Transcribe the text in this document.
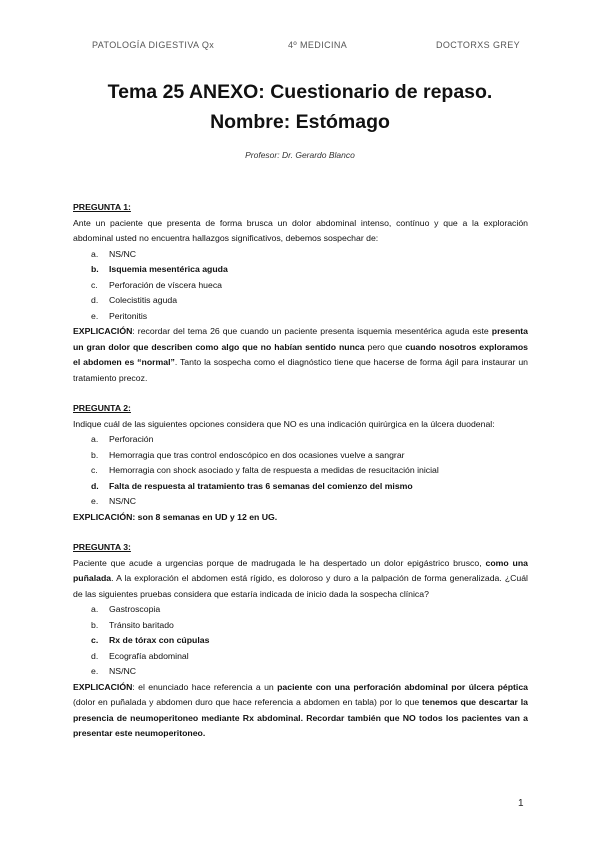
PATOLOGÍA DIGESTIVA Qx	4º MEDICINA	DOCTORXS GREY
Tema 25 ANEXO: Cuestionario de repaso.
Nombre: Estómago
Profesor: Dr. Gerardo Blanco
PREGUNTA 1:
Ante un paciente que presenta de forma brusca un dolor abdominal intenso, contínuo y que a la exploración abdominal usted no encuentra hallazgos significativos, debemos sospechar de:
a.	NS/NC
b.	Isquemia mesentérica aguda
c.	Perforación de víscera hueca
d.	Colecistitis aguda
e.	Peritonitis
EXPLICACIÓN: recordar del tema 26 que cuando un paciente presenta isquemia mesentérica aguda este presenta un gran dolor que describen como algo que no habían sentido nunca pero que cuando nosotros exploramos el abdomen es “normal”. Tanto la sospecha como el diagnóstico tiene que hacerse de forma ágil para instaurar un tratamiento precoz.
PREGUNTA 2:
Indique cuál de las siguientes opciones considera que NO es una indicación quirúrgica en la úlcera duodenal:
a.	Perforación
b.	Hemorragia que tras control endoscópico en dos ocasiones vuelve a sangrar
c.	Hemorragia con shock asociado y falta de respuesta a medidas de resucitación inicial
d.	Falta de respuesta al tratamiento tras 6 semanas del comienzo del mismo
e.	NS/NC
EXPLICACIÓN: son 8 semanas en UD y 12 en UG.
PREGUNTA 3:
Paciente que acude a urgencias porque de madrugada le ha despertado un dolor epigástrico brusco, como una puñalada. A la exploración el abdomen está rígido, es doloroso y duro a la palpación de forma generalizada. ¿Cuál de las siguientes pruebas considera que estaría indicada de inicio dada la sospecha clínica?
a.	Gastroscopia
b.	Tránsito baritado
c.	Rx de tórax con cúpulas
d.	Ecografía abdominal
e.	NS/NC
EXPLICACIÓN: el enunciado hace referencia a un paciente con una perforación abdominal por úlcera péptica (dolor en puñalada y abdomen duro que hace referencia a abdomen en tabla) por lo que tenemos que descartar la presencia de neumoperitoneo mediante Rx abdominal. Recordar también que NO todos los pacientes van a presentar este neumoperitoneo.
1
